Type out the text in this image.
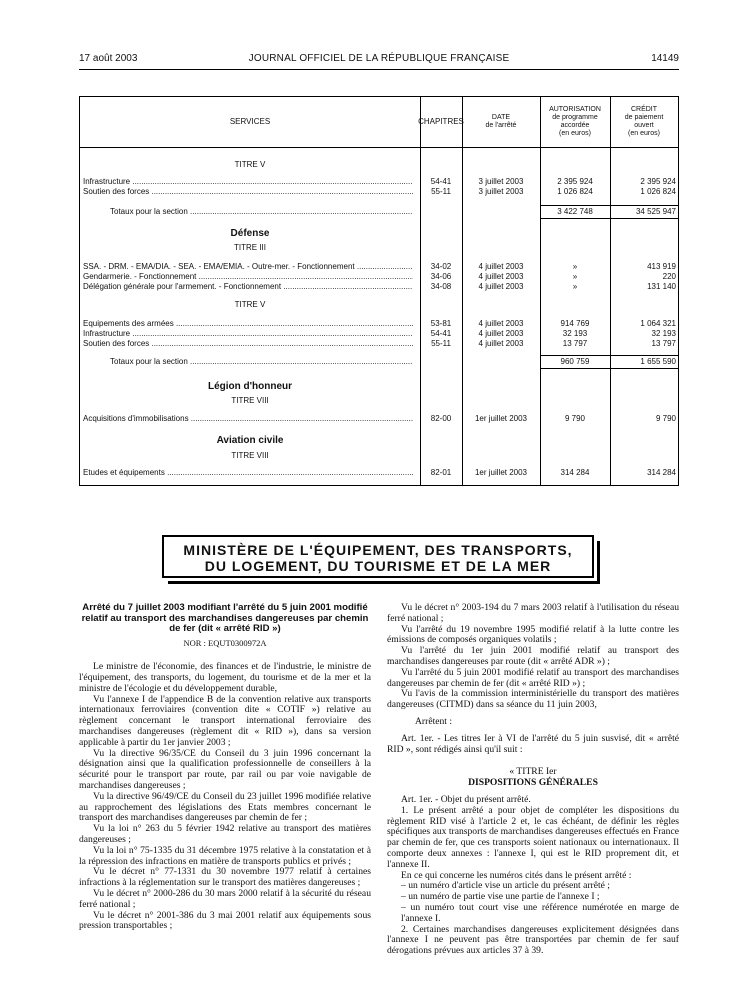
17 août 2003	JOURNAL OFFICIEL DE LA RÉPUBLIQUE FRANÇAISE	14149
SERVICES	CHAPITRES	DATE
de l'arrêté
AUTORISATION
de programme
accordée
(en euros)
CRÉDIT
de paiement
ouvert
(en euros)
TITRE V
Infrastructure .....	54-41	3 juillet 2003	2 395 924	2 395 924
Soutien des forces .....	55-11	3 juillet 2003	1 026 824	1 026 824
Totaux pour la section .....	3 422 748	34 525 947
Défense
TITRE III
SSA. - DRM. - EMA/DIA. - SEA. - EMA/EMIA. - Outre-mer. - Fonctionnement .....	34-02	4 juillet 2003	»	413 919
Gendarmerie. - Fonctionnement .....	34-06	4 juillet 2003	»	220
Délégation générale pour l'armement. - Fonctionnement .....	34-08	4 juillet 2003	»	131 140
TITRE V
Equipements des armées .....	53-81	4 juillet 2003	914 769	1 064 321
Infrastructure .....	54-41	4 juillet 2003	32 193	32 193
Soutien des forces .....	55-11	4 juillet 2003	13 797	13 797
Totaux pour la section .....	960 759	1 655 590
Légion d'honneur
TITRE VIII
Acquisitions d'immobilisations .....	82-00	1er juillet 2003	9 790	9 790
Aviation civile
TITRE VIII
Etudes et équipements .....	82-01	1er juillet 2003	314 284	314 284
MINISTÈRE DE L'ÉQUIPEMENT, DES TRANSPORTS,
DU LOGEMENT, DU TOURISME ET DE LA MER

Arrêté du 7 juillet 2003 modifiant l'arrêté du 5 juin 2001 modifié relatif au transport des marchandises dangereuses par chemin de fer (dit « arrêté RID »)

NOR : EQUT0300972A

Le ministre de l'économie, des finances et de l'industrie, le ministre de l'équipement, des transports, du logement, du tourisme et de la mer et la ministre de l'écologie et du développement durable,

Vu l'annexe I de l'appendice B de la convention relative aux transports internationaux ferroviaires (convention dite « COTIF ») relative au règlement concernant le transport international ferroviaire des marchandises dangereuses (règlement dit « RID »), dans sa version applicable à partir du 1er janvier 2003 ;

Vu la directive 96/35/CE du Conseil du 3 juin 1996 concernant la désignation ainsi que la qualification professionnelle de conseillers à la sécurité pour le transport par route, par rail ou par voie navigable de marchandises dangereuses ;

Vu la directive 96/49/CE du Conseil du 23 juillet 1996 modifiée relative au rapprochement des législations des Etats membres concernant le transport des marchandises dangereuses par chemin de fer ;

Vu la loi n° 263 du 5 février 1942 relative au transport des matières dangereuses ;

Vu la loi n° 75-1335 du 31 décembre 1975 relative à la constatation et à la répression des infractions en matière de transports publics et privés ;

Vu le décret n° 77-1331 du 30 novembre 1977 relatif à certaines infractions à la réglementation sur le transport des matières dangereuses ;

Vu le décret n° 2000-286 du 30 mars 2000 relatif à la sécurité du réseau ferré national ;

Vu le décret n° 2001-386 du 3 mai 2001 relatif aux équipements sous pression transportables ;

Vu le décret n° 2003-194 du 7 mars 2003 relatif à l'utilisation du réseau ferré national ;

Vu l'arrêté du 19 novembre 1995 modifié relatif à la lutte contre les émissions de composés organiques volatils ;

Vu l'arrêté du 1er juin 2001 modifié relatif au transport des marchandises dangereuses par route (dit « arrêté ADR ») ;

Vu l'arrêté du 5 juin 2001 modifié relatif au transport des marchandises dangereuses par chemin de fer (dit « arrêté RID ») ;

Vu l'avis de la commission interministérielle du transport des matières dangereuses (CITMD) dans sa séance du 11 juin 2003,

Arrêtent :

Art. 1er. - Les titres Ier à VI de l'arrêté du 5 juin susvisé, dit « arrêté RID », sont rédigés ainsi qu'il suit :

« TITRE Ier

DISPOSITIONS GÉNÉRALES

Art. 1er. - Objet du présent arrêté.

1. Le présent arrêté a pour objet de compléter les dispositions du règlement RID visé à l'article 2 et, le cas échéant, de définir les règles spécifiques aux transports de marchandises dangereuses effectués en France par chemin de fer, que ces transports soient nationaux ou internationaux. Il comporte deux annexes : l'annexe I, qui est le RID proprement dit, et l'annexe II.

En ce qui concerne les numéros cités dans le présent arrêté :

– un numéro d'article vise un article du présent arrêté ;

– un numéro de partie vise une partie de l'annexe I ;

– un numéro tout court vise une référence numérotée en marge de l'annexe I.

2. Certaines marchandises dangereuses explicitement désignées dans l'annexe I ne peuvent pas être transportées par chemin de fer sauf dérogations prévues aux articles 37 à 39.
